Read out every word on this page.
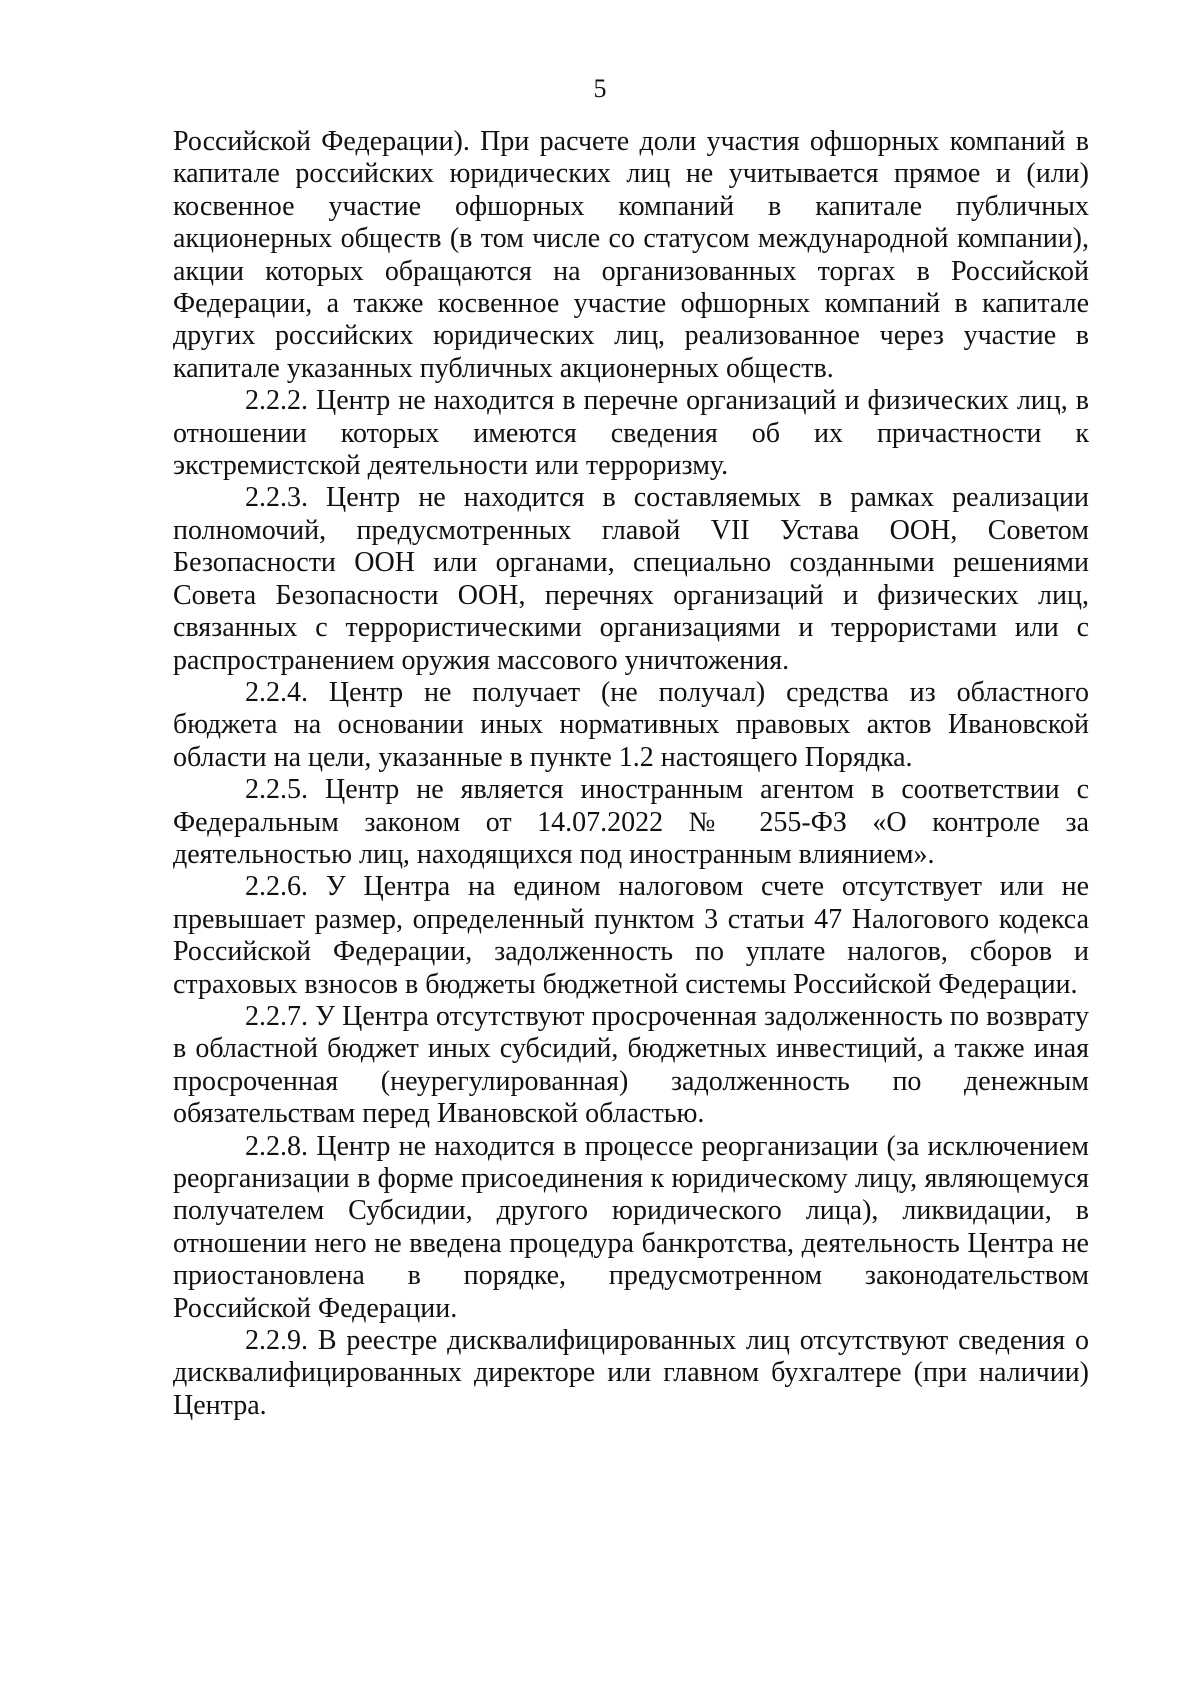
5

Российской Федерации). При расчете доли участия офшорных компаний в капитале российских юридических лиц не учитывается прямое и (или) косвенное участие офшорных компаний в капитале публичных акционерных обществ (в том числе со статусом международной компании), акции которых обращаются на организованных торгах в Российской Федерации, а также косвенное участие офшорных компаний в капитале других российских юридических лиц, реализованное через участие в капитале указанных публичных акционерных обществ.

2.2.2. Центр не находится в перечне организаций и физических лиц, в отношении которых имеются сведения об их причастности к экстремистской деятельности или терроризму.

2.2.3. Центр не находится в составляемых в рамках реализации полномочий, предусмотренных главой VII Устава ООН, Советом Безопасности ООН или органами, специально созданными решениями Совета Безопасности ООН, перечнях организаций и физических лиц, связанных с террористическими организациями и террористами или с распространением оружия массового уничтожения.

2.2.4. Центр не получает (не получал) средства из областного бюджета на основании иных нормативных правовых актов Ивановской области на цели, указанные в пункте 1.2 настоящего Порядка.

2.2.5. Центр не является иностранным агентом в соответствии с Федеральным законом от 14.07.2022 № 255-ФЗ «О контроле за деятельностью лиц, находящихся под иностранным влиянием».

2.2.6. У Центра на едином налоговом счете отсутствует или не превышает размер, определенный пунктом 3 статьи 47 Налогового кодекса Российской Федерации, задолженность по уплате налогов, сборов и страховых взносов в бюджеты бюджетной системы Российской Федерации.

2.2.7. У Центра отсутствуют просроченная задолженность по возврату в областной бюджет иных субсидий, бюджетных инвестиций, а также иная просроченная (неурегулированная) задолженность по денежным обязательствам перед Ивановской областью.

2.2.8. Центр не находится в процессе реорганизации (за исключением реорганизации в форме присоединения к юридическому лицу, являющемуся получателем Субсидии, другого юридического лица), ликвидации, в отношении него не введена процедура банкротства, деятельность Центра не приостановлена в порядке, предусмотренном законодательством Российской Федерации.

2.2.9. В реестре дисквалифицированных лиц отсутствуют сведения о дисквалифицированных директоре или главном бухгалтере (при наличии) Центра.
